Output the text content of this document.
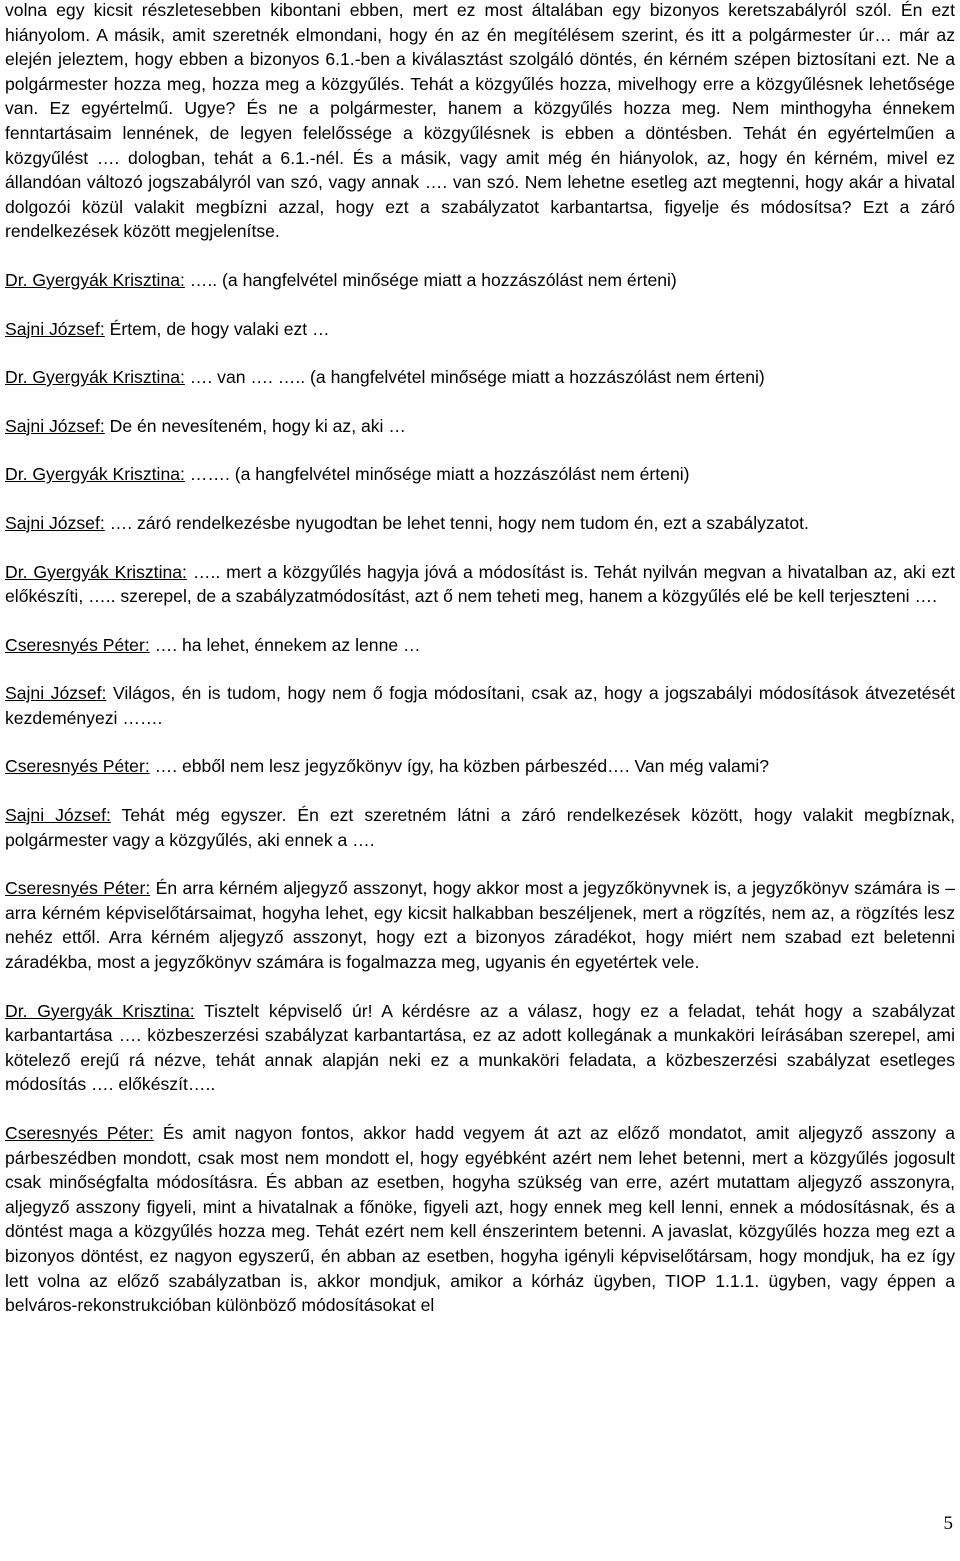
volna egy kicsit részletesebben kibontani ebben, mert ez most általában egy bizonyos keretszabályról szól. Én ezt hiányolom. A másik, amit szeretnék elmondani, hogy én az én megítélésem szerint, és itt a polgármester úr… már az elején jeleztem, hogy ebben a bizonyos 6.1.-ben a kiválasztást szolgáló döntés, én kérném szépen biztosítani ezt. Ne a polgármester hozza meg, hozza meg a közgyűlés. Tehát a közgyűlés hozza, mivelhogy erre a közgyűlésnek lehetősége van. Ez egyértelmű. Ugye? És ne a polgármester, hanem a közgyűlés hozza meg. Nem minthogyha énnekem fenntartásaim lennének, de legyen felelőssége a közgyűlésnek is ebben a döntésben. Tehát én egyértelműen a közgyűlést …. dologban, tehát a 6.1.-nél. És a másik, vagy amit még én hiányolok, az, hogy én kérném, mivel ez állandóan változó jogszabályról van szó, vagy annak …. van szó. Nem lehetne esetleg azt megtenni, hogy akár a hivatal dolgozói közül valakit megbízni azzal, hogy ezt a szabályzatot karbantartsa, figyelje és módosítsa? Ezt a záró rendelkezések között megjelenítse.

Dr. Gyergyák Krisztina: ….. (a hangfelvétel minősége miatt a hozzászólást nem érteni)

Sajni József: Értem, de hogy valaki ezt …

Dr. Gyergyák Krisztina: …. van …. ….. (a hangfelvétel minősége miatt a hozzászólást nem érteni)

Sajni József: De én nevesíteném, hogy ki az, aki …

Dr. Gyergyák Krisztina: ……. (a hangfelvétel minősége miatt a hozzászólást nem érteni)

Sajni József: …. záró rendelkezésbe nyugodtan be lehet tenni, hogy nem tudom én, ezt a szabályzatot.

Dr. Gyergyák Krisztina: ….. mert a közgyűlés hagyja jóvá a módosítást is. Tehát nyilván megvan a hivatalban az, aki ezt előkészíti, ….. szerepel, de a szabályzatmódosítást, azt ő nem teheti meg, hanem a közgyűlés elé be kell terjeszteni ….

Cseresnyés Péter: …. ha lehet, énnekem az lenne …

Sajni József: Világos, én is tudom, hogy nem ő fogja módosítani, csak az, hogy a jogszabályi módosítások átvezetését kezdeményezi …….

Cseresnyés Péter: …. ebből nem lesz jegyzőkönyv így, ha közben párbeszéd…. Van még valami?

Sajni József: Tehát még egyszer. Én ezt szeretném látni a záró rendelkezések között, hogy valakit megbíznak, polgármester vagy a közgyűlés, aki ennek a ….

Cseresnyés Péter: Én arra kérném aljegyző asszonyt, hogy akkor most a jegyzőkönyvnek is, a jegyzőkönyv számára is – arra kérném képviselőtársaimat, hogyha lehet, egy kicsit halkabban beszéljenek, mert a rögzítés, nem az, a rögzítés lesz nehéz ettől. Arra kérném aljegyző asszonyt, hogy ezt a bizonyos záradékot, hogy miért nem szabad ezt beletenni záradékba, most a jegyzőkönyv számára is fogalmazza meg, ugyanis én egyetértek vele.

Dr. Gyergyák Krisztina: Tisztelt képviselő úr! A kérdésre az a válasz, hogy ez a feladat, tehát hogy a szabályzat karbantartása …. közbeszerzési szabályzat karbantartása, ez az adott kollegának a munkaköri leírásában szerepel, ami kötelező erejű rá nézve, tehát annak alapján neki ez a munkaköri feladata, a közbeszerzési szabályzat esetleges módosítás …. előkészít…..

Cseresnyés Péter: És amit nagyon fontos, akkor hadd vegyem át azt az előző mondatot, amit aljegyző asszony a párbeszédben mondott, csak most nem mondott el, hogy egyébként azért nem lehet betenni, mert a közgyűlés jogosult csak minőségfalta módosításra. És abban az esetben, hogyha szükség van erre, azért mutattam aljegyző asszonyra, aljegyző asszony figyeli, mint a hivatalnak a főnöke, figyeli azt, hogy ennek meg kell lenni, ennek a módosításnak, és a döntést maga a közgyűlés hozza meg. Tehát ezért nem kell énszerintem betenni. A javaslat, közgyűlés hozza meg ezt a bizonyos döntést, ez nagyon egyszerű, én abban az esetben, hogyha igényli képviselőtársam, hogy mondjuk, ha ez így lett volna az előző szabályzatban is, akkor mondjuk, amikor a kórház ügyben, TIOP 1.1.1. ügyben, vagy éppen a belváros-rekonstrukcióban különböző módosításokat el

5
